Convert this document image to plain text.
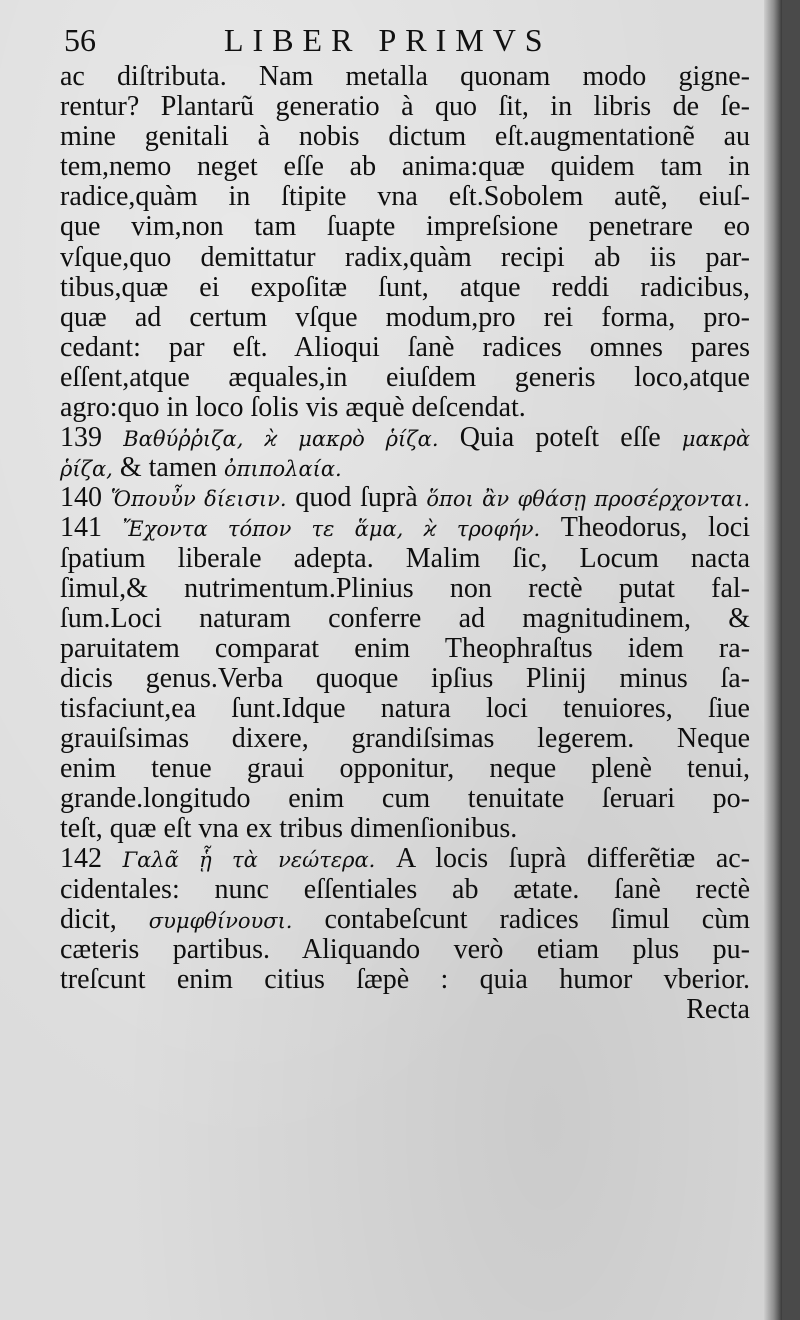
56	LIBER PRIMVS

ac diſtributa. Nam metalla quonam modo gigne-
rentur? Plantarũ generatio à quo ſit, in libris de ſe-
mine genitali à nobis dictum eſt.augmentationẽ au
tem,nemo neget eſſe ab anima:quæ quidem tam in
radice,quàm in ſtipite vna eſt.Sobolem autẽ, eiuſ-
que vim,non tam ſuapte impreſsione penetrare eo
vſque,quo demittatur radix,quàm recipi ab iis par-
tibus,quæ ei expoſitæ ſunt, atque reddi radicibus,
quæ ad certum vſque modum,pro rei forma, pro-
cedant: par eſt. Alioqui ſanè radices omnes pares
eſſent,atque æquales,in eiuſdem generis loco,atque
agro:quo in loco ſolis vis æquè deſcendat.
139 Βαθύῤῥιζα, ϰ̀ μακρὸ ῥίζα. Quia poteſt eſſe μακρὰ
ῥίζα, & tamen ὀπιπολαία.
140 Ὅπουὖν δίεισιν. quod ſuprà ὅποι ἂν φθάσῃ προσέρχονται.
141 Ἔχοντα τόπον τε ἅμα, ϰ̀ τροφήν. Theodorus, loci
ſpatium liberale adepta. Malim ſic, Locum nacta
ſimul,& nutrimentum.Plinius non rectè putat fal-
ſum.Loci naturam conferre ad magnitudinem, &
paruitatem comparat enim Theophraſtus idem ra-
dicis genus.Verba quoque ipſius Plinij minus ſa-
tisfaciunt,ea ſunt.Idque natura loci tenuiores, ſiue
grauiſsimas dixere, grandiſsimas legerem. Neque
enim tenue graui opponitur, neque plenè tenui,
grande.longitudo enim cum tenuitate ſeruari po-
teſt, quæ eſt vna ex tribus dimenſionibus.
142 Γαλᾶ ᾗ τὰ νεώτερα. A locis ſuprà differẽtiæ ac-
cidentales: nunc eſſentiales ab ætate. ſanè rectè
dicit, συμφθίνουσι. contabeſcunt radices ſimul cùm
cæteris partibus. Aliquando verò etiam plus pu-
treſcunt enim citius ſæpè : quia humor vberior.
Recta
